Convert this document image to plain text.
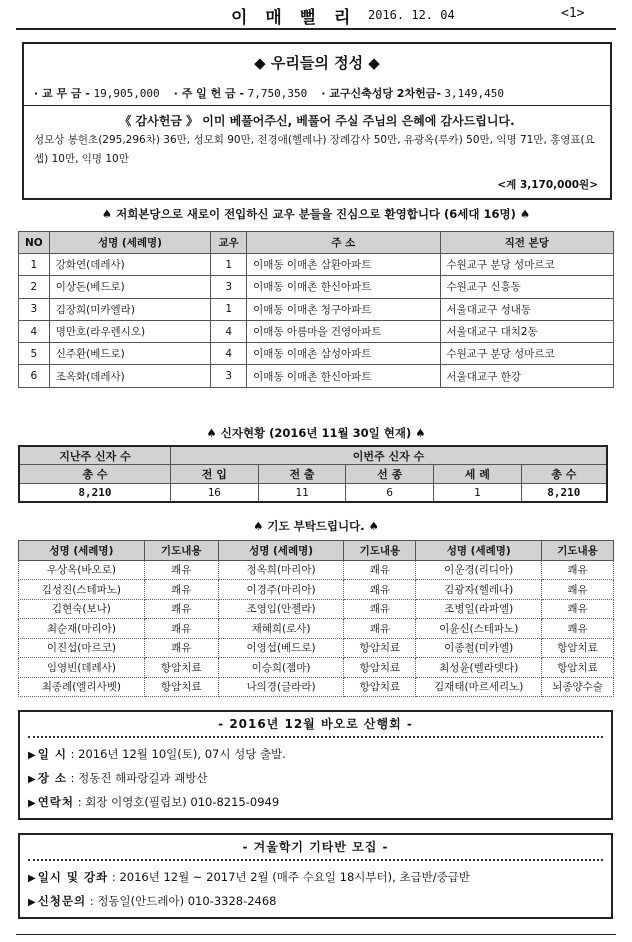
이 매 뻘 리 2016. 12. 04	<1>
◆ 우리들의 정성 ◆
· 교 무 금 - 19,905,000 · 주 일 헌 금 - 7,750,350 · 교구신축성당 2차헌금- 3,149,450
《 감사헌금 》 이미 베풀어주신, 베풀어 주실 주님의 은혜에 감사드립니다.
성모상 봉헌초(295,296차) 36만, 성모회 90만, 전경애(헬레나) 장례감사 50만, 유광옥(루카) 50만, 익명 71만, 홍영표(요셉) 10만, 익명 10만
<계 3,170,000원>
♠ 저희본당으로 새로이 전입하신 교우 분들을 진심으로 환영합니다 (6세대 16명) ♠
NO	성명 (세례명)	교우	주 소	직전 본당
1	강화연(데레사)	1	이매동 이매촌 삼환아파트	수원교구 분당 성마르코
2	이상돈(베드로)	3	이매동 이매촌 한신아파트	수원교구 신흥동
3	김장희(미카엘라)	1	이매동 이매촌 청구아파트	서울대교구 성내동
4	명만호(라우렌시오)	4	이매동 아름마을 건영아파트	서울대교구 대치2동
5	신주환(베드로)	4	이매동 이매촌 삼성아파트	수원교구 분당 성마르코
6	조옥화(데레사)	3	이매동 이매촌 한신아파트	서울대교구 한강
♠ 신자현황 (2016년 11월 30일 현재) ♠
지난주 신자 수	이번주 신자 수				
총 수	전 입	전 출	선 종	세 례	총 수
8,210	16	11	6	1	8,210
♠ 기도 부탁드립니다. ♠
성명 (세례명)	기도내용	성명 (세례명)	기도내용	성명 (세례명)	기도내용
우상옥(바오로)	쾌유	정옥희(마리아)	쾌유	이운경(리디아)	쾌유
김성진(스테파노)	쾌유	이경주(마리아)	쾌유	김광자(헬레나)	쾌유
김현숙(보나)	쾌유	조영임(안젤라)	쾌유	조병일(라파엘)	쾌유
최순재(마리아)	쾌유	채혜희(로사)	쾌유	이윤신(스테파노)	쾌유
이진섭(마르코)	쾌유	이영섭(베드로)	항암치료	이종철(미카엘)	항암치료
임영빈(데레사)	항암치료	이승희(젬마)	항암치료	최성윤(벨라뎃다)	항암치료
최종례(엘리사벳)	항암치료	나의경(글라라)	항암치료	김재태(마르세리노)	뇌종양수술
- 2016년 12월 바오로 산행회 -
▶ 일 시 : 2016년 12월 10일(토), 07시 성당 출발.
▶ 장 소 : 정동진 해파랑길과 괘방산
▶ 연락처 : 회장 이영호(필립보) 010-8215-0949
- 겨울학기 기타반 모집 -
▶ 일시 및 강좌 : 2016년 12월 ~ 2017년 2월 (매주 수요일 18시부터), 초급반/중급반
▶ 신청문의 : 정동일(안드레아) 010-3328-2468
